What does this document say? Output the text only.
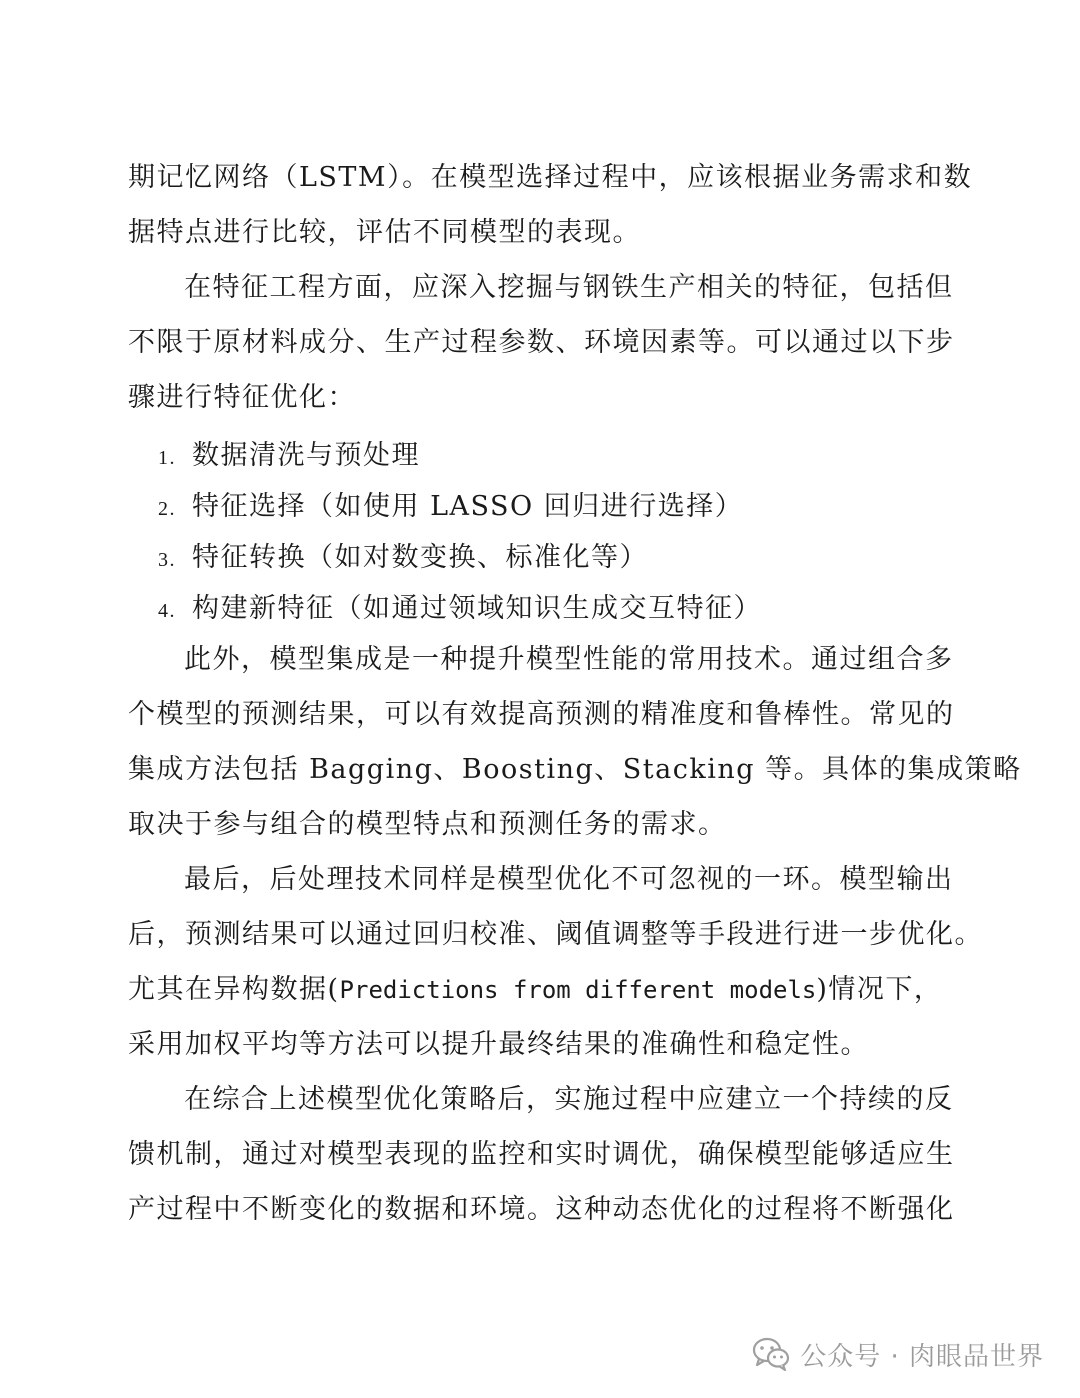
期记忆网络（LSTM）。在模型选择过程中，应该根据业务需求和数
据特点进行比较，评估不同模型的表现。
在特征工程方面，应深入挖掘与钢铁生产相关的特征，包括但
不限于原材料成分、生产过程参数、环境因素等。可以通过以下步
骤进行特征优化：
1. 数据清洗与预处理
2. 特征选择（如使用 LASSO 回归进行选择）
3. 特征转换（如对数变换、标准化等）
4. 构建新特征（如通过领域知识生成交互特征）
此外，模型集成是一种提升模型性能的常用技术。通过组合多
个模型的预测结果，可以有效提高预测的精准度和鲁棒性。常见的
集成方法包括 Bagging、Boosting、Stacking 等。具体的集成策略
取决于参与组合的模型特点和预测任务的需求。
最后，后处理技术同样是模型优化不可忽视的一环。模型输出
后，预测结果可以通过回归校准、阈值调整等手段进行进一步优化。
尤其在异构数据(Predictions from different models)情况下，
采用加权平均等方法可以提升最终结果的准确性和稳定性。
在综合上述模型优化策略后，实施过程中应建立一个持续的反
馈机制，通过对模型表现的监控和实时调优，确保模型能够适应生
产过程中不断变化的数据和环境。这种动态优化的过程将不断强化
公众号 · 肉眼品世界
